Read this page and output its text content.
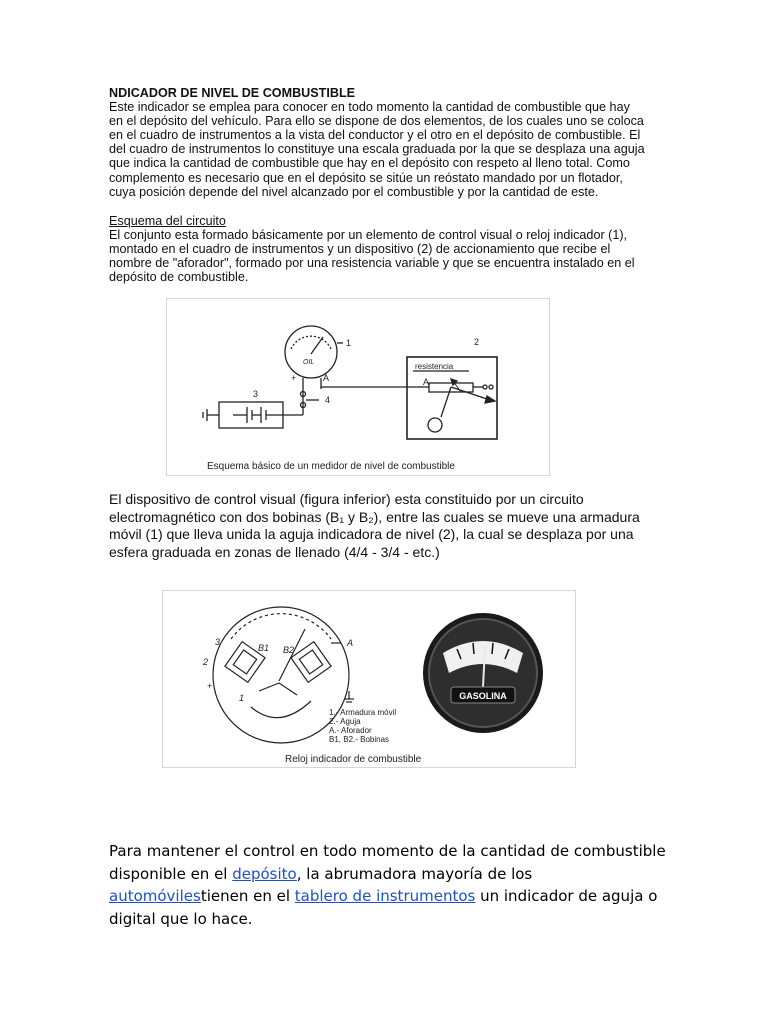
NDICADOR DE NIVEL DE COMBUSTIBLE
Este indicador se emplea para conocer en todo momento la cantidad de combustible que hay
en el depósito del vehículo. Para ello se dispone de dos elementos, de los cuales uno se coloca
en el cuadro de instrumentos a la vista del conductor y el otro en el depósito de combustible. El
del cuadro de instrumentos lo constituye una escala graduada por la que se desplaza una aguja
que indica la cantidad de combustible que hay en el depósito con respeto al lleno total. Como
complemento es necesario que en el depósito se sitúe un reóstato mandado por un flotador,
cuya posición depende del nivel alcanzado por el combustible y por la cantidad de este.
Esquema del circuito
El conjunto esta formado básicamente por un elemento de control visual o reloj indicador (1),
montado en el cuadro de instrumentos y un dispositivo (2) de accionamiento que recibe el
nombre de "aforador", formado por una resistencia variable y que se encuentra instalado en el
depósito de combustible.
1
OIL
+	A
4
3
2
resistencia
A
Esquema básico de un medidor de nivel de combustible
El dispositivo de control visual (figura inferior) esta constituido por un circuito
electromagnético con dos bobinas (B₁ y B₂), entre las cuales se mueve una armadura
móvil (1) que lleva unida la aguja indicadora de nivel (2), la cual se desplaza por una
esfera graduada en zonas de llenado (4/4 - 3/4 - etc.)
B1 B2
2
+
1
3	A
1.- Armadura móvil
2.- Aguja
A.- Aforador
B1, B2.- Bobinas
GASOLINA
0
Reloj indicador de combustible
Para mantener el control en todo momento de la cantidad de combustible disponible en el depósito, la abrumadora mayoría de los automóvilestienen en el tablero de instrumentos un indicador de aguja o digital que lo hace.
